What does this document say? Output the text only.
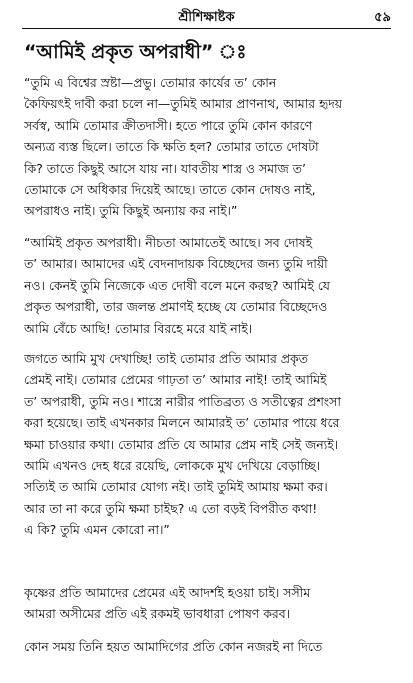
শ্রীশিক্ষাষ্টক	৫৯
“আমিই প্রকৃত অপরাধী” ঃ
“তুমি এ বিশ্বের স্রষ্টা—প্রভু। তোমার কার্যের ত’ কোন
কৈফিয়ৎই দাবী করা চলে না—তুমিই আমার প্রাণনাথ, আমার হৃদয়
সর্বস্ব, আমি তোমার ক্রীতদাসী। হতে পারে তুমি কোন কারণে
অন্যত্র ব্যস্ত ছিলে। তাতে কি ক্ষতি হল? তোমার তাতে দোষটা
কি? তাতে কিছুই আসে যায় না। যাবতীয় শাস্ত্র ও সমাজ ত’
তোমাকে সে অধিকার দিয়েই আছে। তাতে কোন দোষও নাই,
অপরাধও নাই। তুমি কিছুই অন্যায় কর নাই।”
“আমিই প্রকৃত অপরাধী। নীচতা আমাতেই আছে। সব দোষই
ত’ আমার। আমাদের এই বেদনাদায়ক বিচ্ছেদের জন্য তুমি দায়ী
নও। কেনই তুমি নিজেকে এত দোষী বলে মনে করছ? আমিই যে
প্রকৃত অপরাধী, তার জলন্ত প্রমাণই হচ্ছে যে তোমার বিচ্ছেদেও
আমি বেঁচে আছি! তোমার বিরহে মরে যাই নাই।
জগতে আমি মুখ দেখাচ্ছি! তাই তোমার প্রতি আমার প্রকৃত
প্রেমই নাই। তোমার প্রেমের গাঢ়তা ত’ আমার নাই! তাই আমিই
ত’ অপরাধী, তুমি নও। শাস্ত্রে নারীর পাতিব্রত্য ও সতীত্বের প্রশংসা
করা হয়েছে। তাই এখনকার মিলনে আমারই ত’ তোমার পায়ে ধরে
ক্ষমা চাওয়ার কথা। তোমার প্রতি যে আমার প্রেম নাই সেই জন্যই।
আমি এখনও দেহ ধরে রয়েছি, লোককে মুখ দেখিয়ে বেড়াচ্ছি।
সত্যিই ত আমি তোমার যোগ্য নই। তাই তুমিই আমায় ক্ষমা কর।
আর তা না করে তুমি ক্ষমা চাইছ? এ তো বড়ই বিপরীত কথা!
এ কি? তুমি এমন কোরো না।”
কৃষ্ণের প্রতি আমাদের প্রেমের এই আদর্শই হওয়া চাই। সসীম
আমরা অসীমের প্রতি এই রকমই ভাবধারা পোষণ করব।
কোন সময় তিনি হয়ত আমাদিগের প্রতি কোন নজরই না দিতে
